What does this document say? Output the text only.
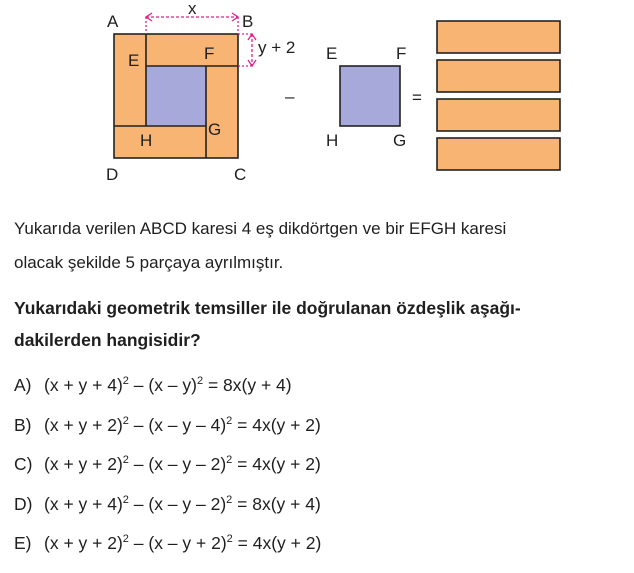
A	B
C
D
E	F
G
H
x
y + 2
–
E	F
G
H
=
Yukarıda verilen ABCD karesi 4 eş dikdörtgen ve bir EFGH karesi
olacak şekilde 5 parçaya ayrılmıştır.
Yukarıdaki geometrik temsiller ile doğrulanan özdeşlik aşağı-
dakilerden hangisidir?
A) $(x + y + 4)^2 - (x - y)^2 = 8x(y + 4)$
B) $(x + y + 2)^2 - (x - y - 4)^2 = 4x(y + 2)$
C) $(x + y + 2)^2 - (x - y - 2)^2 = 4x(y + 2)$
D) $(x + y + 4)^2 - (x - y - 2)^2 = 8x(y + 4)$
E) $(x + y + 2)^2 - (x - y + 2)^2 = 4x(y + 2)$
